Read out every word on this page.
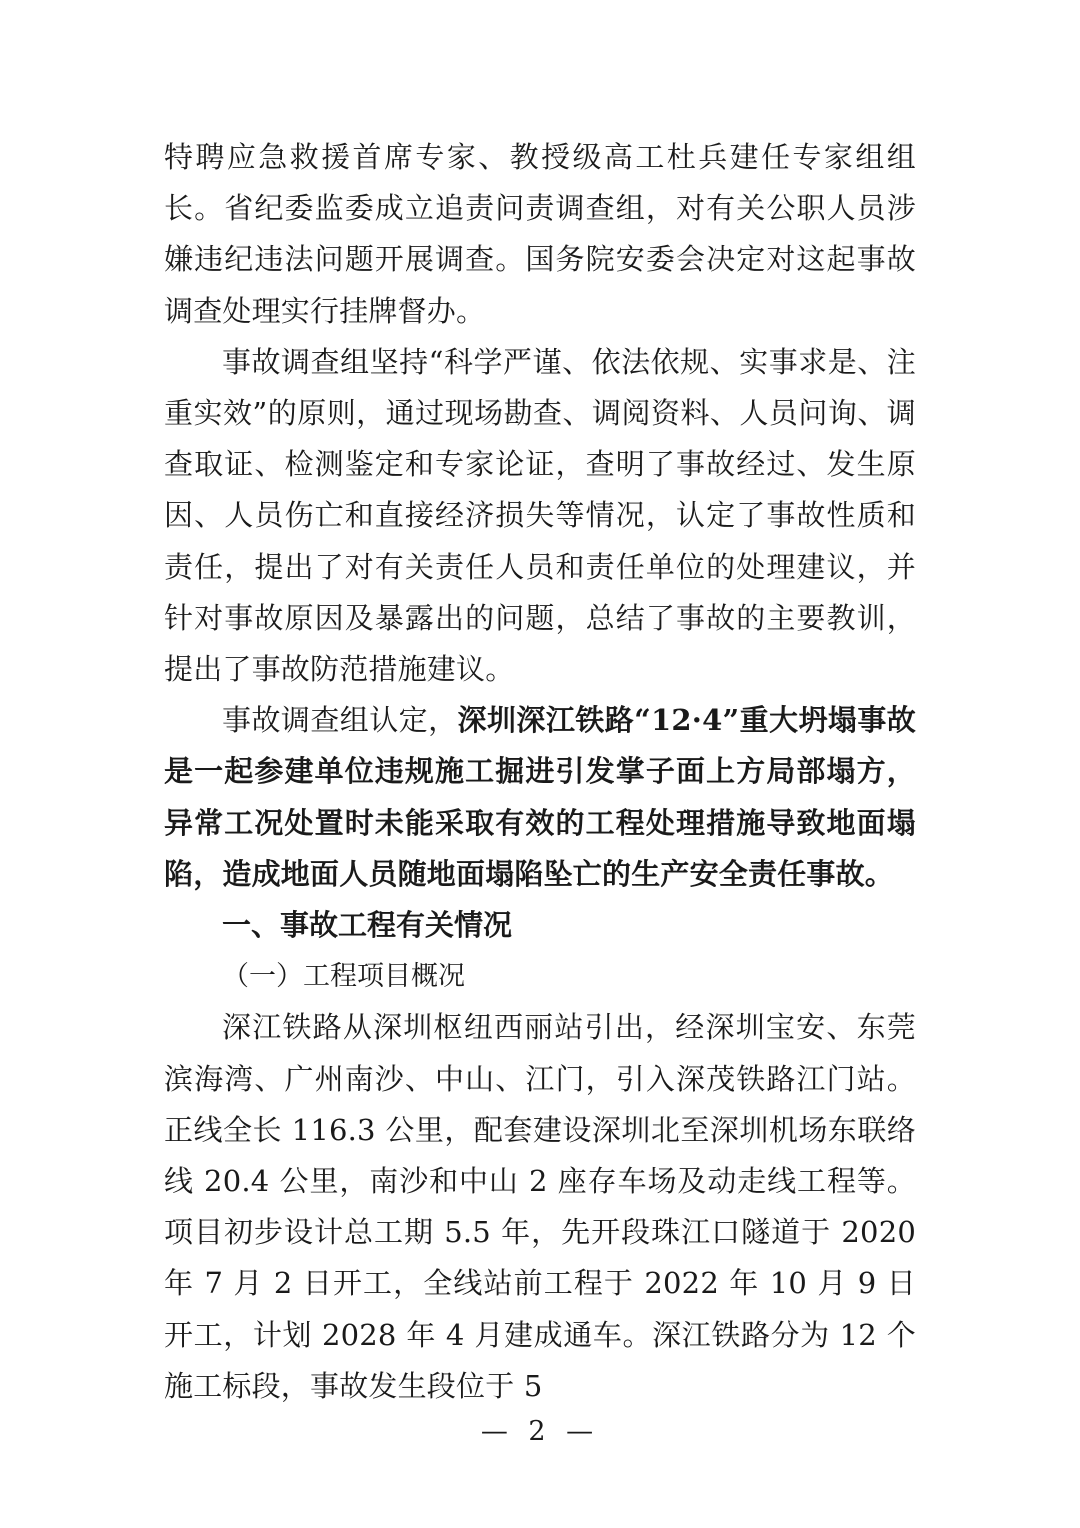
特聘应急救援首席专家、教授级高工杜兵建任专家组组长。省纪委监委成立追责问责调查组，对有关公职人员涉嫌违纪违法问题开展调查。国务院安委会决定对这起事故调查处理实行挂牌督办。

事故调查组坚持“科学严谨、依法依规、实事求是、注重实效”的原则，通过现场勘查、调阅资料、人员问询、调查取证、检测鉴定和专家论证，查明了事故经过、发生原因、人员伤亡和直接经济损失等情况，认定了事故性质和责任，提出了对有关责任人员和责任单位的处理建议，并针对事故原因及暴露出的问题，总结了事故的主要教训，提出了事故防范措施建议。

事故调查组认定，深圳深江铁路“12·4”重大坍塌事故是一起参建单位违规施工掘进引发掌子面上方局部塌方，异常工况处置时未能采取有效的工程处理措施导致地面塌陷，造成地面人员随地面塌陷坠亡的生产安全责任事故。

一、事故工程有关情况

（一）工程项目概况

深江铁路从深圳枢纽西丽站引出，经深圳宝安、东莞滨海湾、广州南沙、中山、江门，引入深茂铁路江门站。正线全长 116.3 公里，配套建设深圳北至深圳机场东联络线 20.4 公里，南沙和中山 2 座存车场及动走线工程等。项目初步设计总工期 5.5 年，先开段珠江口隧道于 2020 年 7 月 2 日开工，全线站前工程于 2022 年 10 月 9 日开工，计划 2028 年 4 月建成通车。深江铁路分为 12 个施工标段，事故发生段位于 5

— 2 —
